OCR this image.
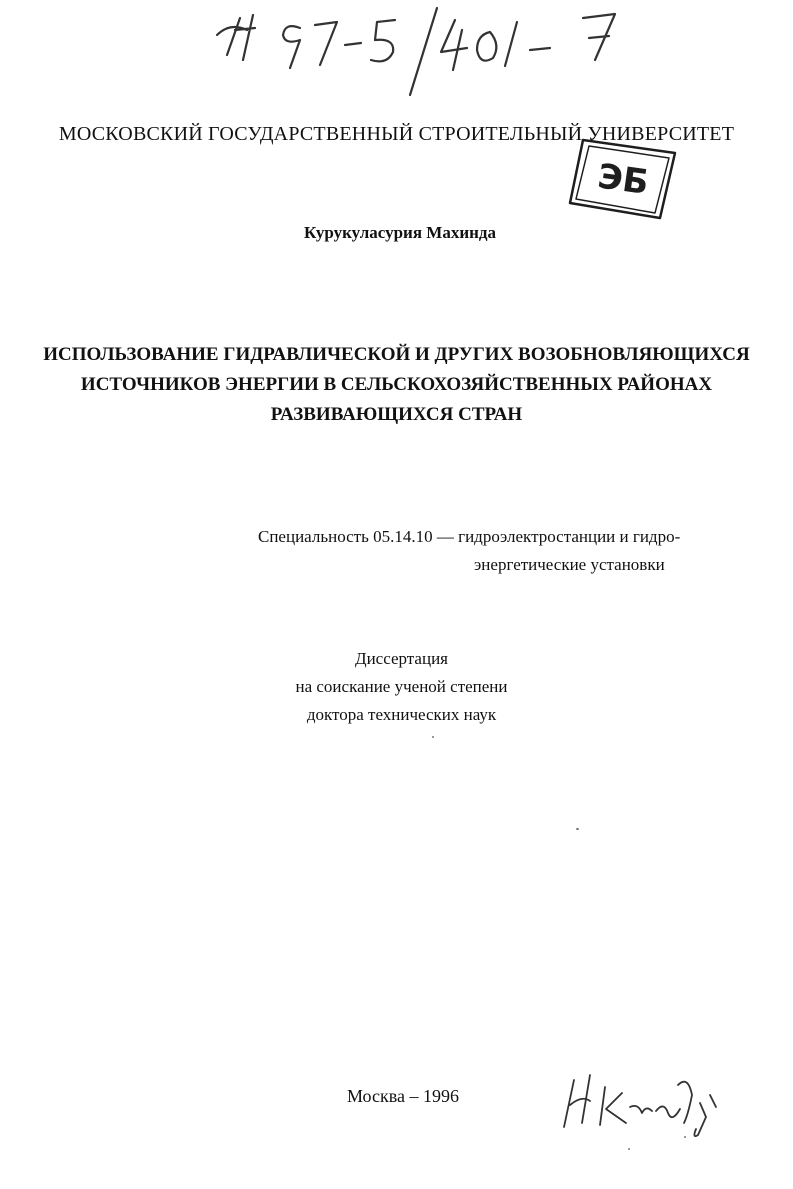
МОСКОВСКИЙ ГОСУДАРСТВЕННЫЙ СТРОИТЕЛЬНЫЙ УНИВЕРСИТЕТ
ЭБ
Курукуласурия Махинда
ИСПОЛЬЗОВАНИЕ ГИДРАВЛИЧЕСКОЙ И ДРУГИХ ВОЗОБНОВЛЯЮЩИХСЯ
ИСТОЧНИКОВ ЭНЕРГИИ В СЕЛЬСКОХОЗЯЙСТВЕННЫХ РАЙОНАХ
РАЗВИВАЮЩИХСЯ СТРАН
Специальность 05.14.10 — гидроэлектростанции и гидро-
энергетические установки
Диссертация
на соискание ученой степени
доктора технических наук
Москва – 1996
